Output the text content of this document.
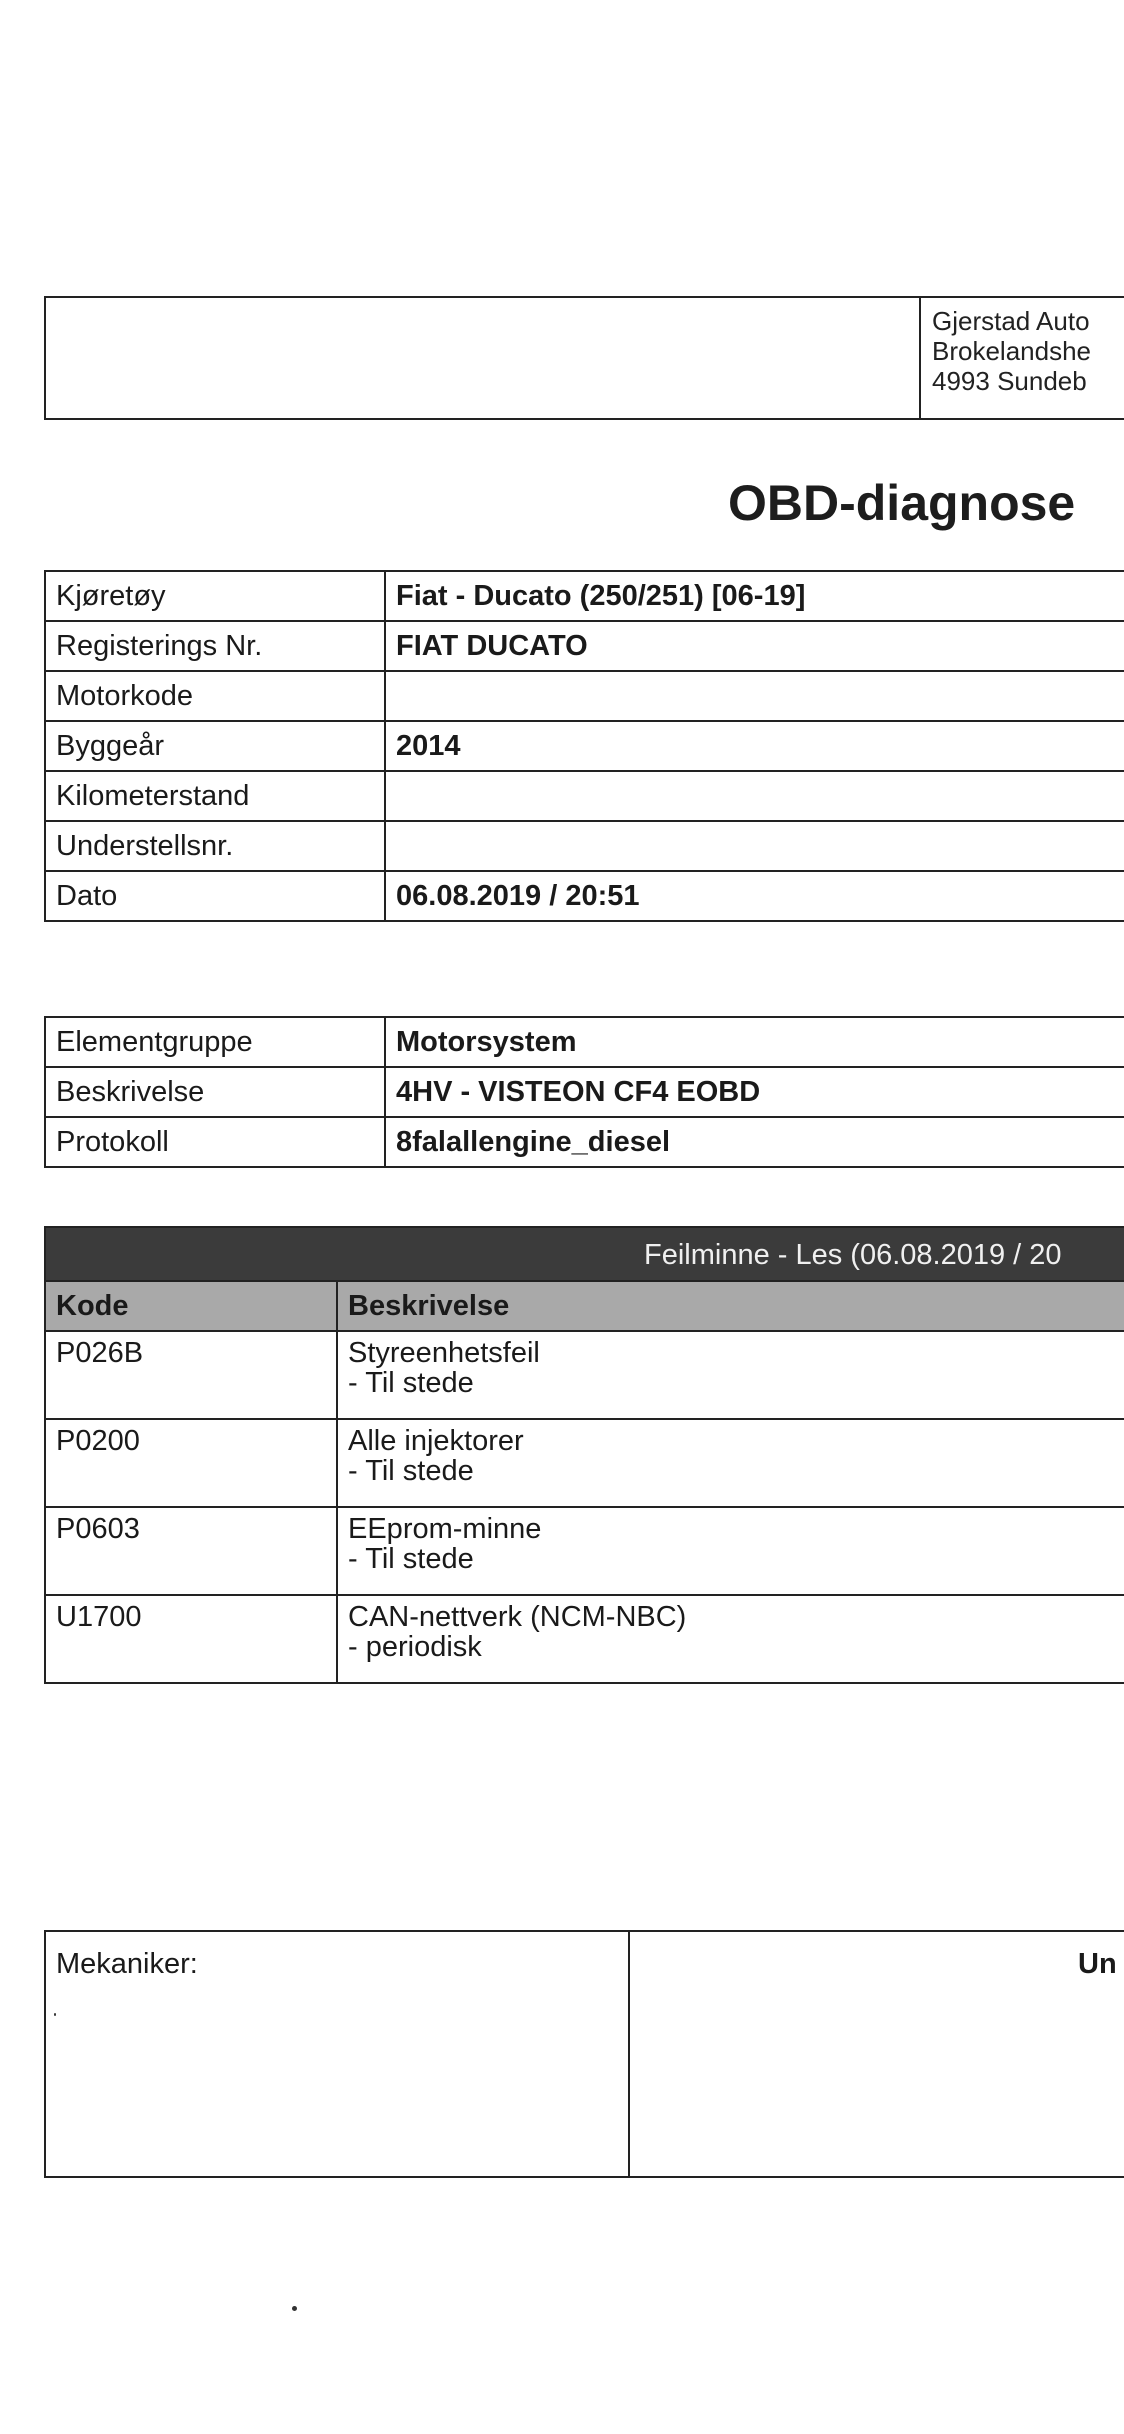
Gjerstad Auto
Brokelandshe
4993 Sundeb
OBD-diagnose
Kjøretøy	Fiat - Ducato (250/251) [06-19]
Registerings Nr.	FIAT DUCATO
Motorkode	
Byggeår	2014
Kilometerstand	
Understellsnr.	
Dato	06.08.2019 / 20:51
Elementgruppe	Motorsystem
Beskrivelse	4HV - VISTEON CF4 EOBD
Protokoll	8falallengine_diesel
Feilminne - Les (06.08.2019 / 20
Kode	Beskrivelse
P026B	Styreenhetsfeil
- Til stede

P0200	Alle injektorer
- Til stede

P0603	EEprom-minne
- Til stede

U1700	CAN-nettverk (NCM-NBC)
- periodisk
Mekaniker:	Un
